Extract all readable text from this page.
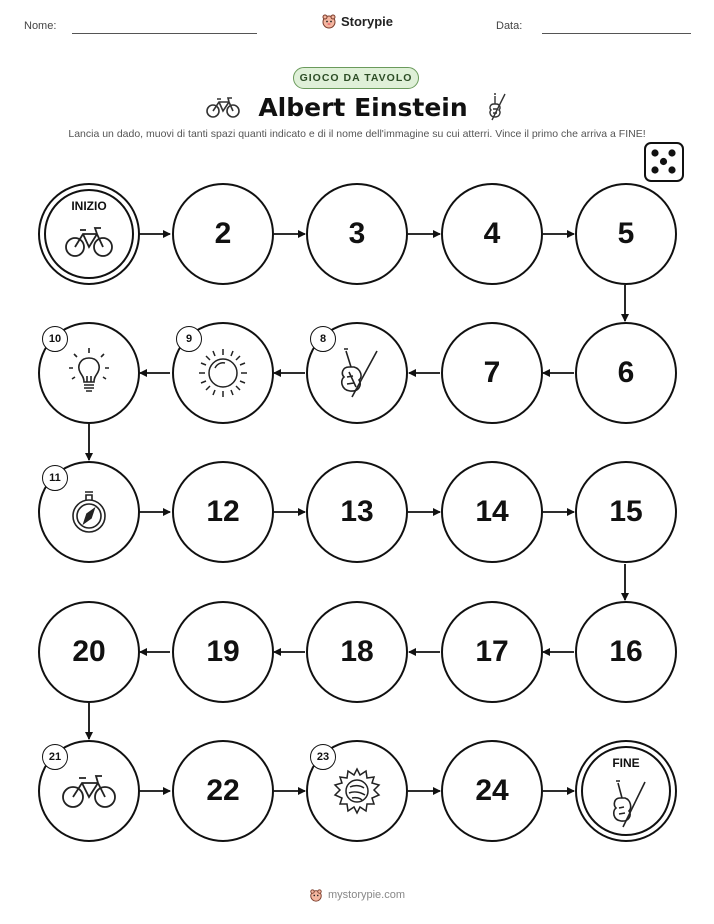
Nome:	Storypie	Data:
GIOCO DA TAVOLO
Albert Einstein
Lancia un dado, muovi di tanti spazi quanti indicato e di il nome dell'immagine su cui atterri. Vince il primo che arriva a FINE!
INIZIO
2	3	4	5
10	9	8
7	6
11
12	13	14	15
20	19	18	17	16
21
22
23
24
FINE
mystorypie.com
